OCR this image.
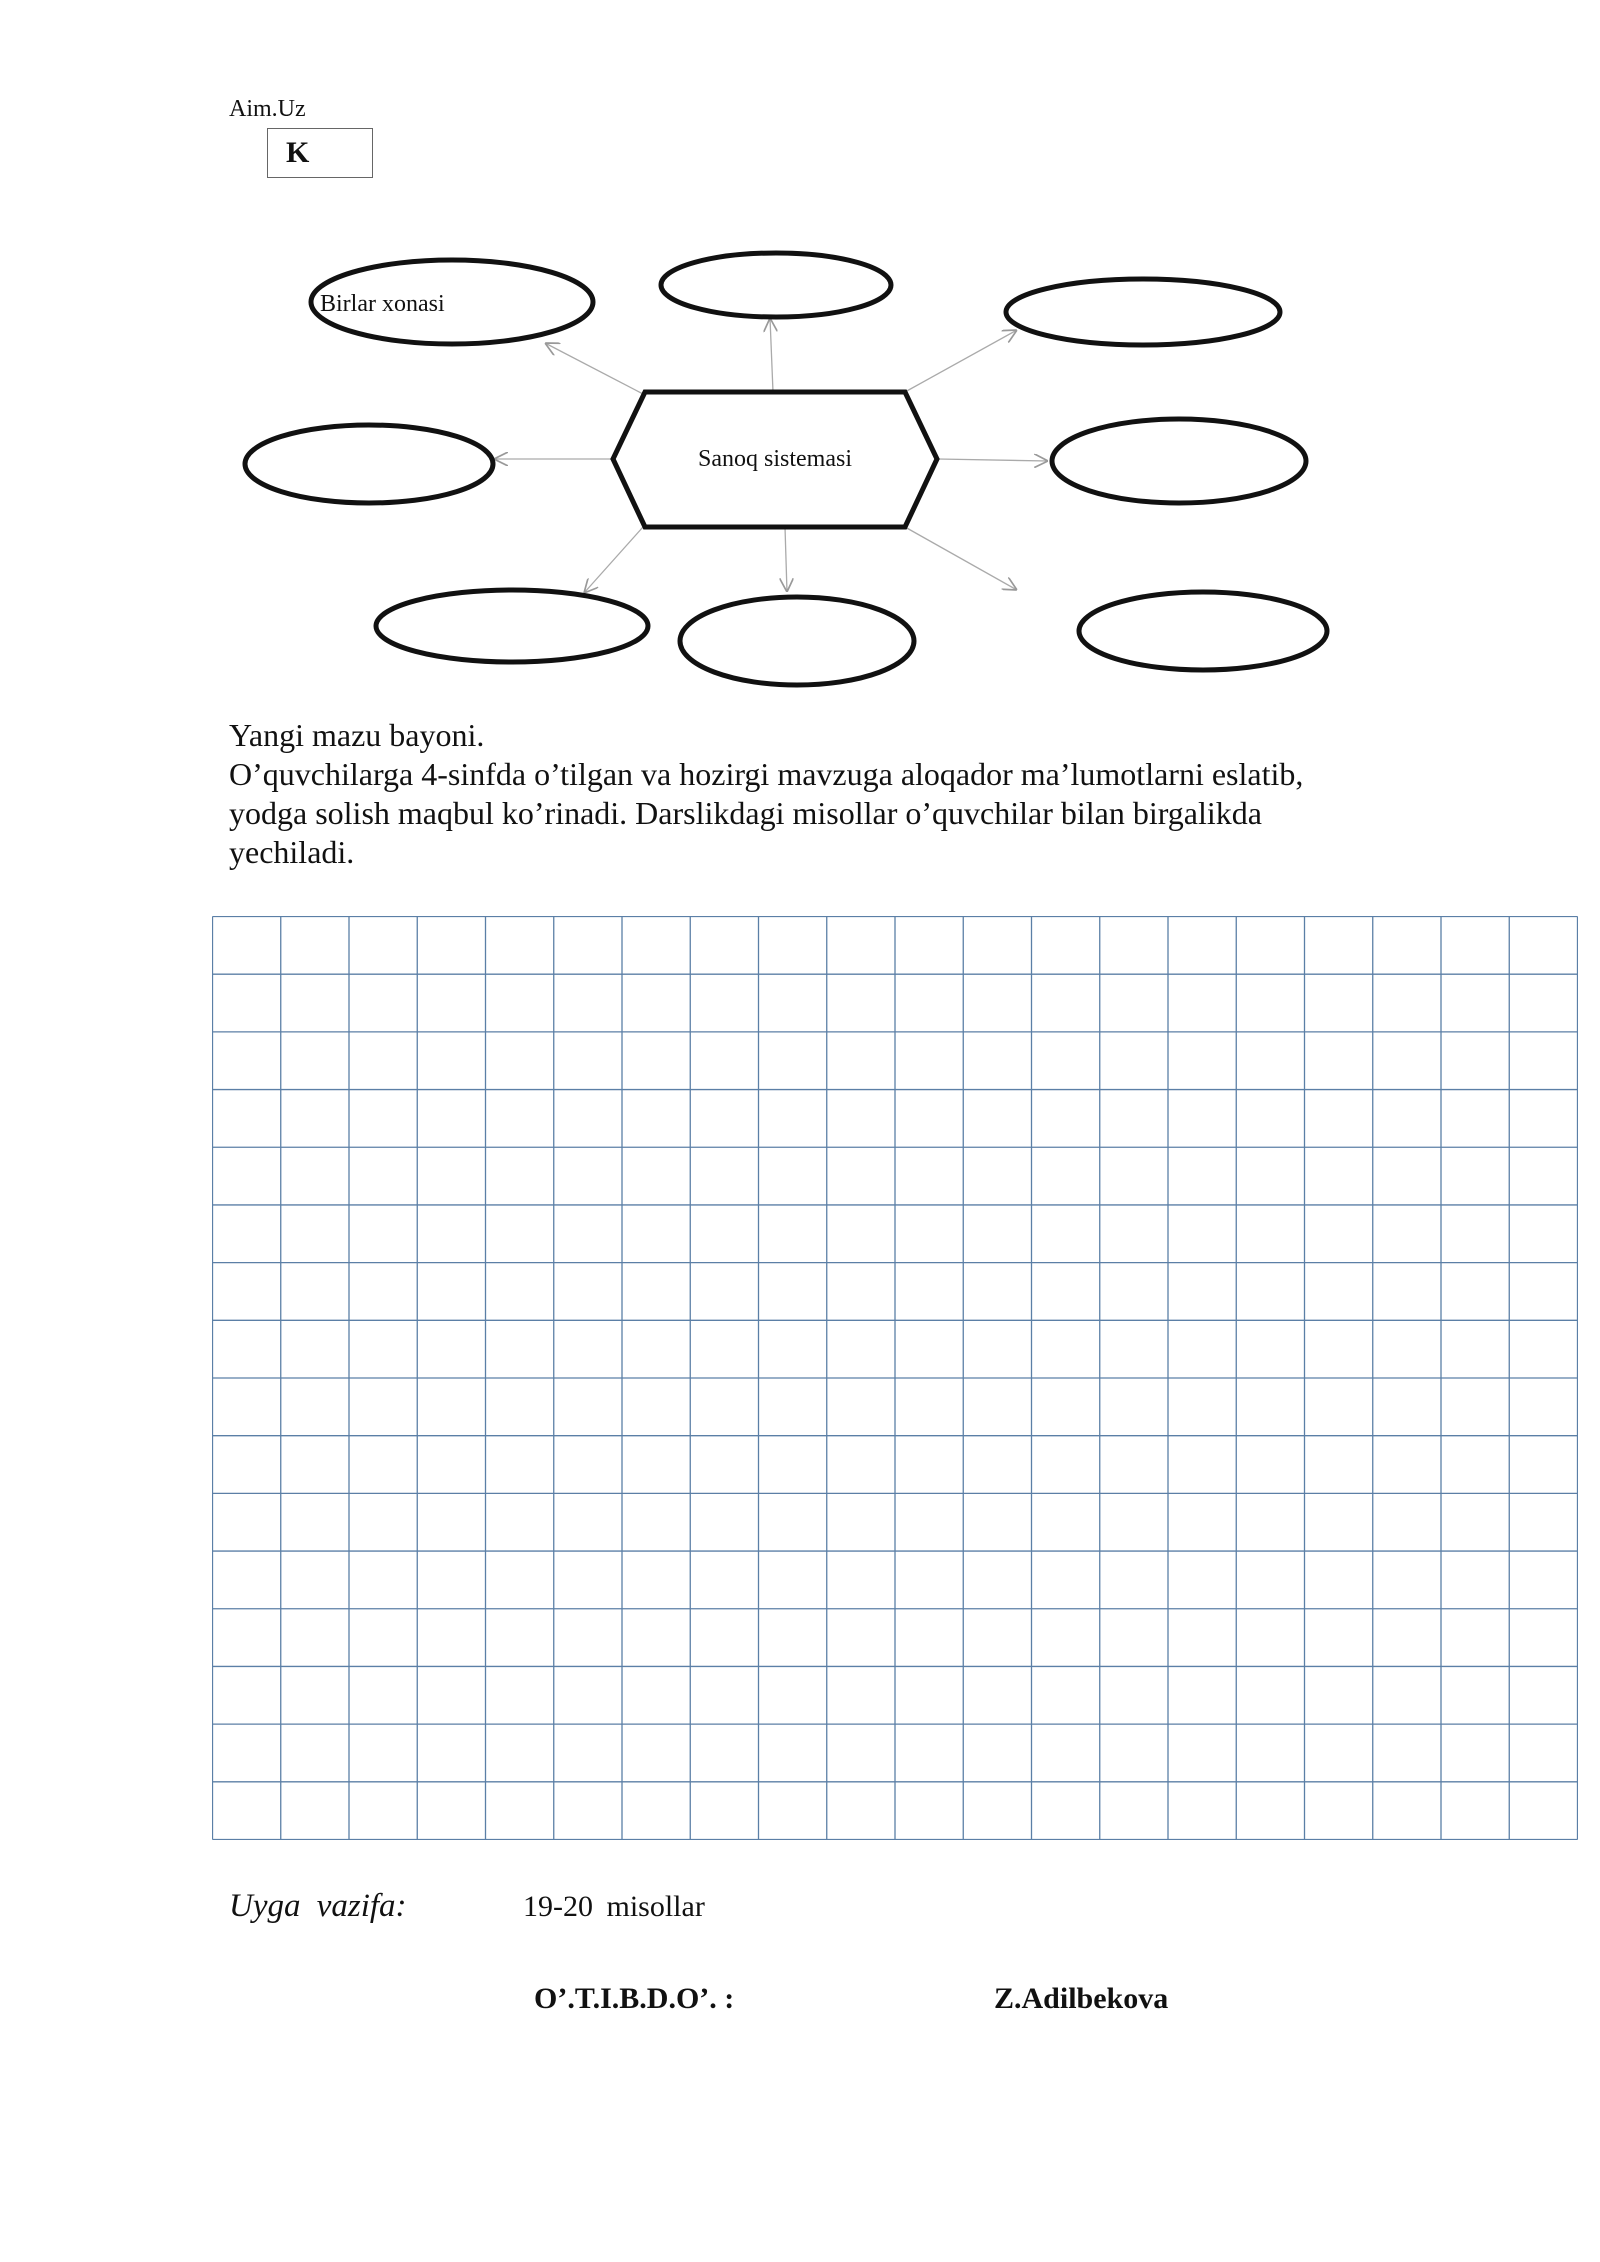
Aim.Uz
K
Sanoq sistemasi
Birlar xonasi
Yangi mazu bayoni.
O’quvchilarga 4-sinfda o’tilgan va hozirgi mavzuga aloqador ma’lumotlarni eslatib,
yodga solish maqbul ko’rinadi. Darslikdagi misollar o’quvchilar bilan birgalikda
yechiladi.
Uyga vazifa:	19-20 misollar
O’.T.I.B.D.O’. :	Z.Adilbekova
